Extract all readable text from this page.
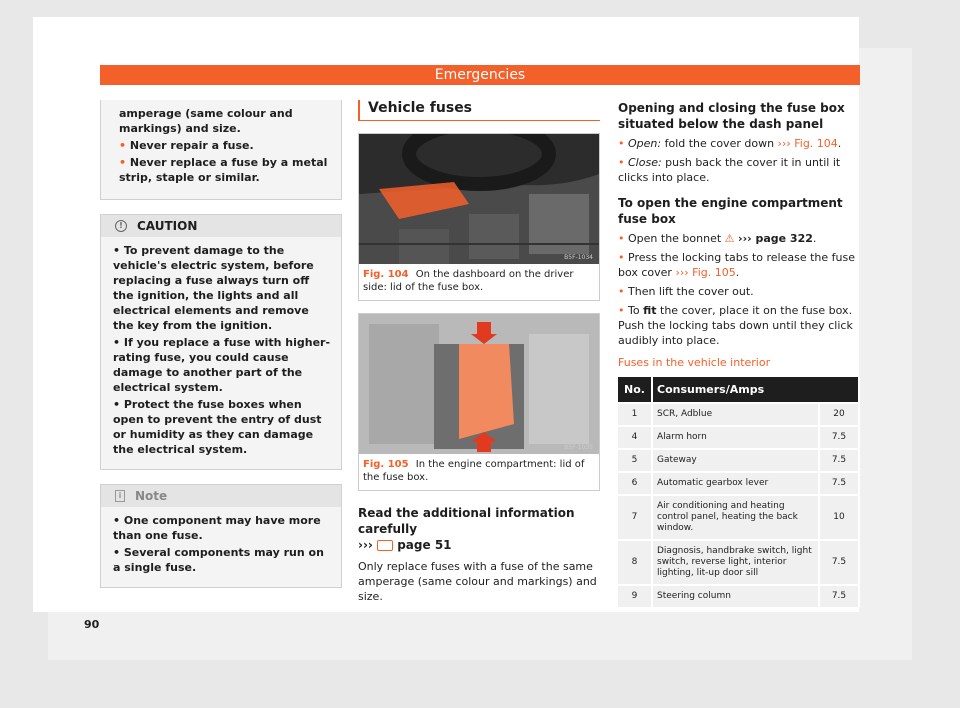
Emergencies

amperage (same colour and markings) and size.

• Never repair a fuse.

• Never replace a fuse by a metal strip, staple or similar.

!	CAUTION

• To prevent damage to the vehicle's electric system, before replacing a fuse always turn off the ignition, the lights and all electrical elements and remove the key from the ignition.

• If you replace a fuse with higher-rating fuse, you could cause damage to another part of the electrical system.

• Protect the fuse boxes when open to prevent the entry of dust or humidity as they can damage the electrical system.

i	Note

• One component may have more than one fuse.

• Several components may run on a single fuse.

Vehicle fuses
B5F-1034
Fig. 104 On the dashboard on the driver side: lid of the fuse box.
B5F-1035
Fig. 105 In the engine compartment: lid of the fuse box.
Read the additional information carefully
››› page 51

Only replace fuses with a fuse of the same amperage (same colour and markings) and size.

Opening and closing the fuse box situated below the dash panel

• Open: fold the cover down ››› Fig. 104.

• Close: push back the cover it in until it clicks into place.

To open the engine compartment fuse box

• Open the bonnet ⚠ ››› page 322.

• Press the locking tabs to release the fuse box cover ››› Fig. 105.

• Then lift the cover out.

• To fit the cover, place it on the fuse box. Push the locking tabs down until they click audibly into place.

Fuses in the vehicle interior
No.	Consumers/Amps	
1	SCR, Adblue	20
4	Alarm horn	7.5
5	Gateway	7.5
6	Automatic gearbox lever	7.5
7	Air conditioning and heating control panel, heating the back window.	10
8	Diagnosis, handbrake switch, light switch, reverse light, interior lighting, lit-up door sill	7.5
9	Steering column	7.5
90
